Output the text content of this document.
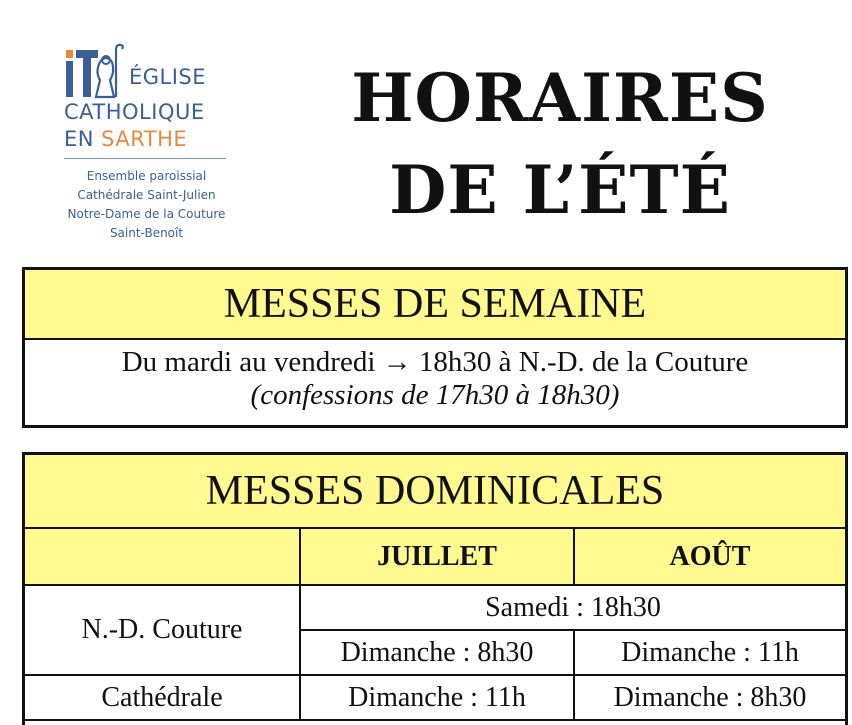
ÉGLISE
CATHOLIQUE
EN SARTHE
Ensemble paroissial
Cathédrale Saint-Julien
Notre-Dame de la Couture
Saint-Benoît
HORAIRES
DE L’ÉTÉ
MESSES DE SEMAINE
Du mardi au vendredi → 18h30 à N.-D. de la Couture
(confessions de 17h30 à 18h30)
MESSES DOMINICALES
	JUILLET	AOÛT
N.-D. Couture	Samedi : 18h30	
	Dimanche : 8h30	Dimanche : 11h
Cathédrale	Dimanche : 11h	Dimanche : 8h30
